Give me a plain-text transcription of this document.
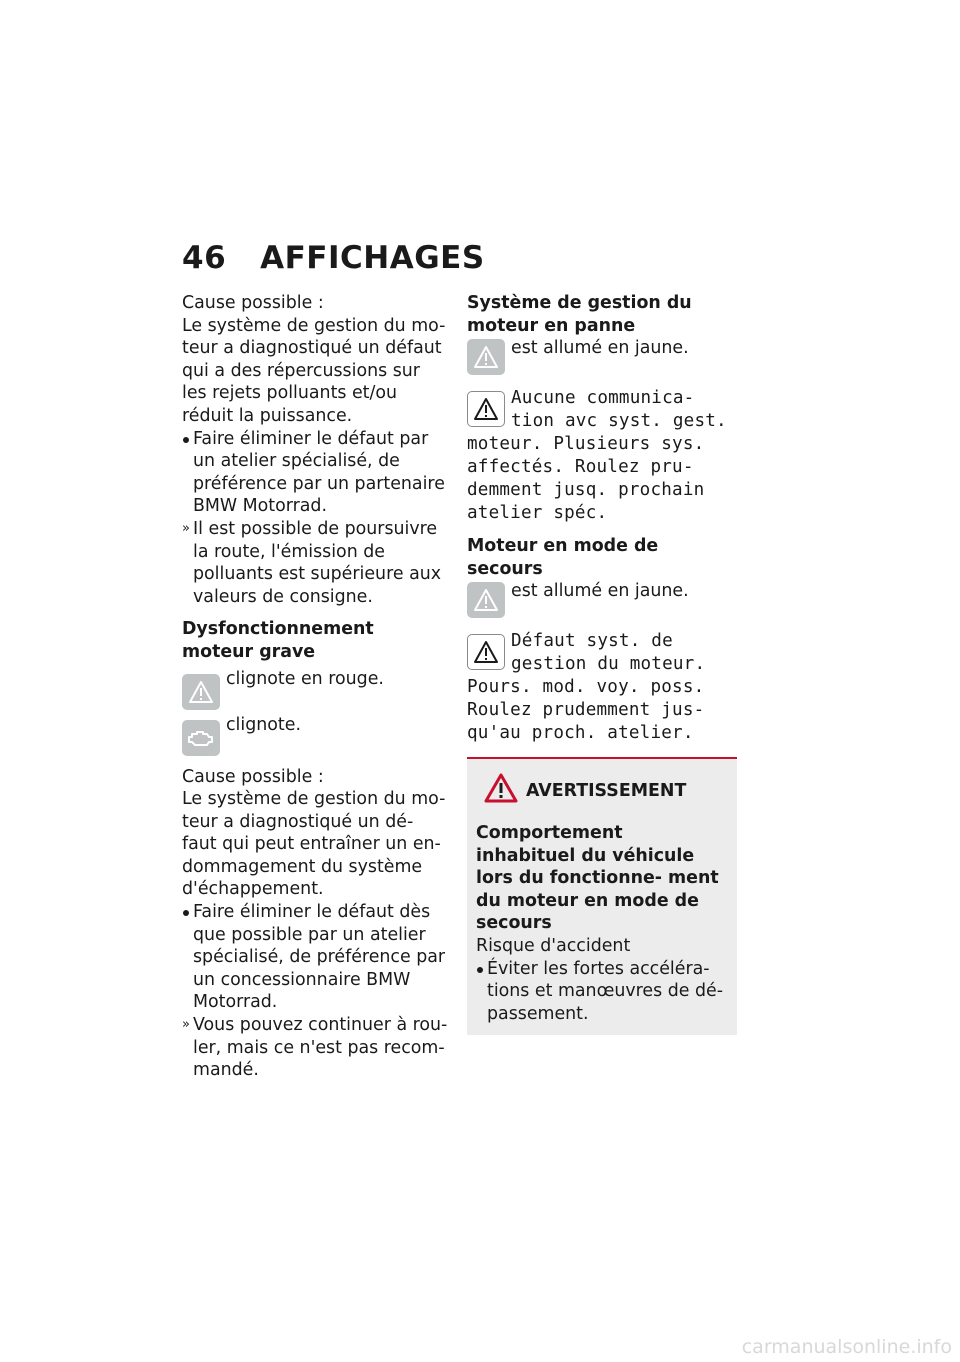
46 AFFICHAGES

Cause possible :

Le système de gestion du mo- teur a diagnostiqué un défaut qui a des répercussions sur les rejets polluants et/ou réduit la puissance.

Faire éliminer le défaut par un atelier spécialisé, de préférence par un partenaire BMW Motorrad.

» Il est possible de poursuivre la route, l'émission de polluants est supérieure aux valeurs de consigne.

Dysfonctionnement moteur grave

clignote en rouge.
clignote.

Cause possible :

Le système de gestion du mo- teur a diagnostiqué un dé- faut qui peut entraîner un en- dommagement du système d'échappement.

Faire éliminer le défaut dès que possible par un atelier spécialisé, de préférence par un concessionnaire BMW Motorrad.

» Vous pouvez continuer à rou- ler, mais ce n'est pas recom- mandé.

Système de gestion du moteur en panne

est allumé en jaune.
Aucune communica- tion avc syst. gest.
moteur. Plusieurs sys. affectés. Roulez pru- demment jusq. prochain atelier spéc.

Moteur en mode de secours

est allumé en jaune.
Défaut syst. de gestion du moteur.
Pours. mod. voy. poss. Roulez prudemment jus- qu'au proch. atelier.
AVERTISSEMENT

Comportement inhabituel du véhicule lors du fonctionne- ment du moteur en mode de secours

Risque d'accident

Éviter les fortes accéléra- tions et manœuvres de dé- passement.

carmanualsonline.info
